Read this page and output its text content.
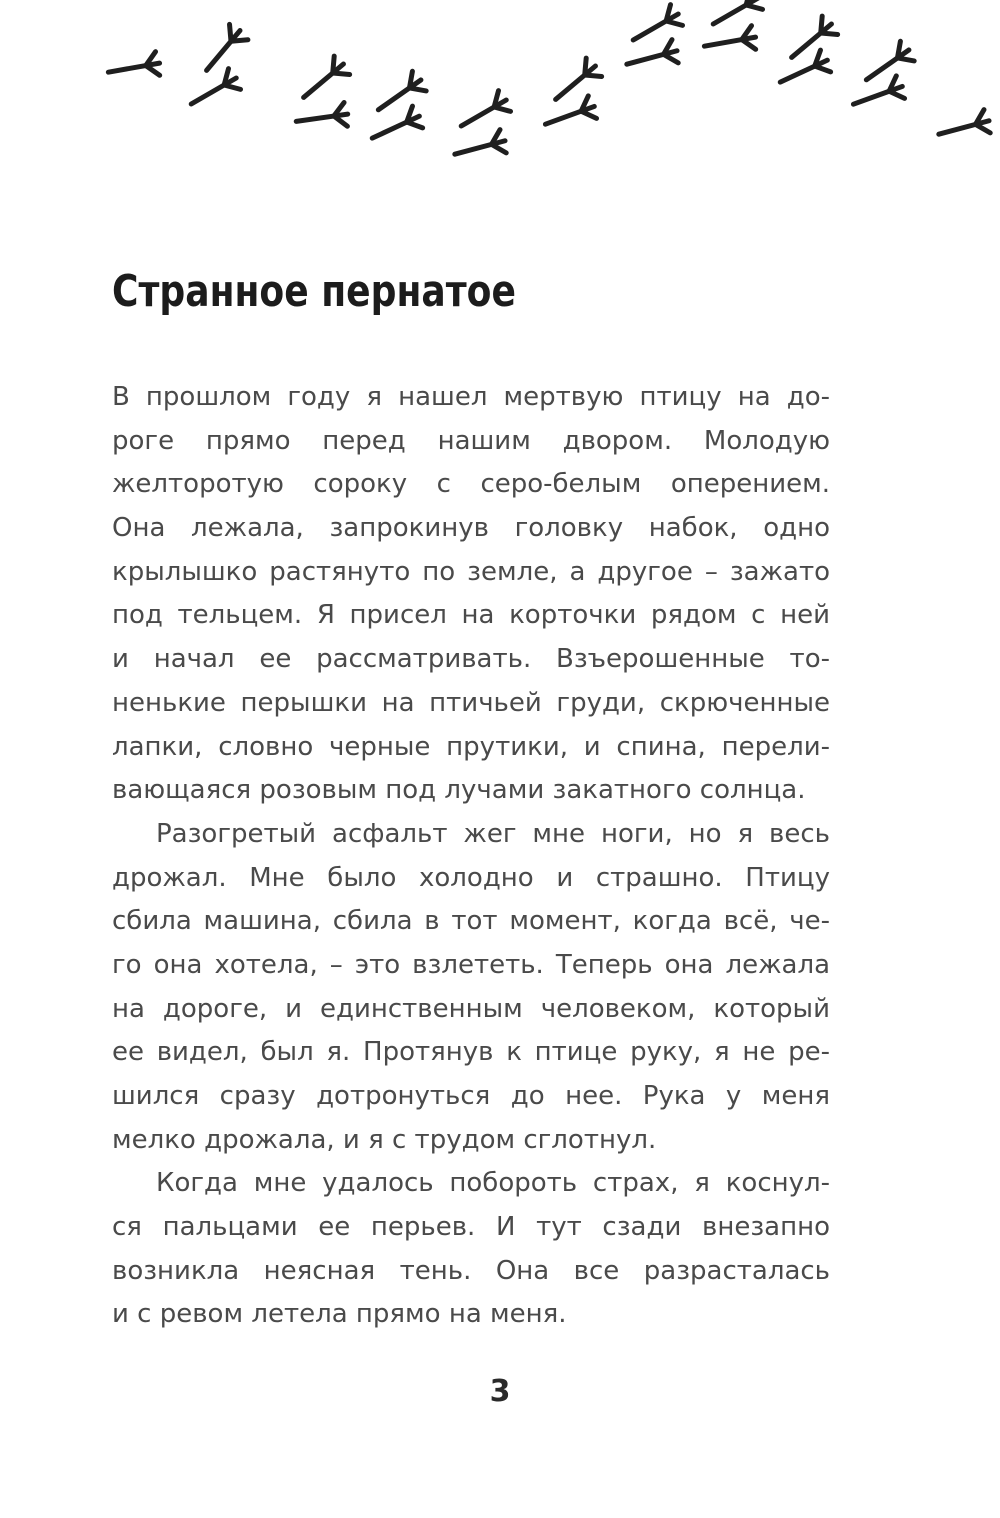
Странное пернатое
В прошлом году я нашел мертвую птицу на до-
роге прямо перед нашим двором. Молодую
желторотую сороку с серо-белым оперением.
Она лежала, запрокинув головку набок, одно
крылышко растянуто по земле, а другое – зажато
под тельцем. Я присел на корточки рядом с ней
и начал ее рассматривать. Взъерошенные то-
ненькие перышки на птичьей груди, скрюченные
лапки, словно черные прутики, и спина, перели-
вающаяся розовым под лучами закатного солнца.
Разогретый асфальт жег мне ноги, но я весь
дрожал. Мне было холодно и страшно. Птицу
сбила машина, сбила в тот момент, когда всё, че-
го она хотела, – это взлететь. Теперь она лежала
на дороге, и единственным человеком, который
ее видел, был я. Протянув к птице руку, я не ре-
шился сразу дотронуться до нее. Рука у меня
мелко дрожала, и я с трудом сглотнул.
Когда мне удалось побороть страх, я коснул-
ся пальцами ее перьев. И тут сзади внезапно
возникла неясная тень. Она все разрасталась
и с ревом летела прямо на меня.
3
